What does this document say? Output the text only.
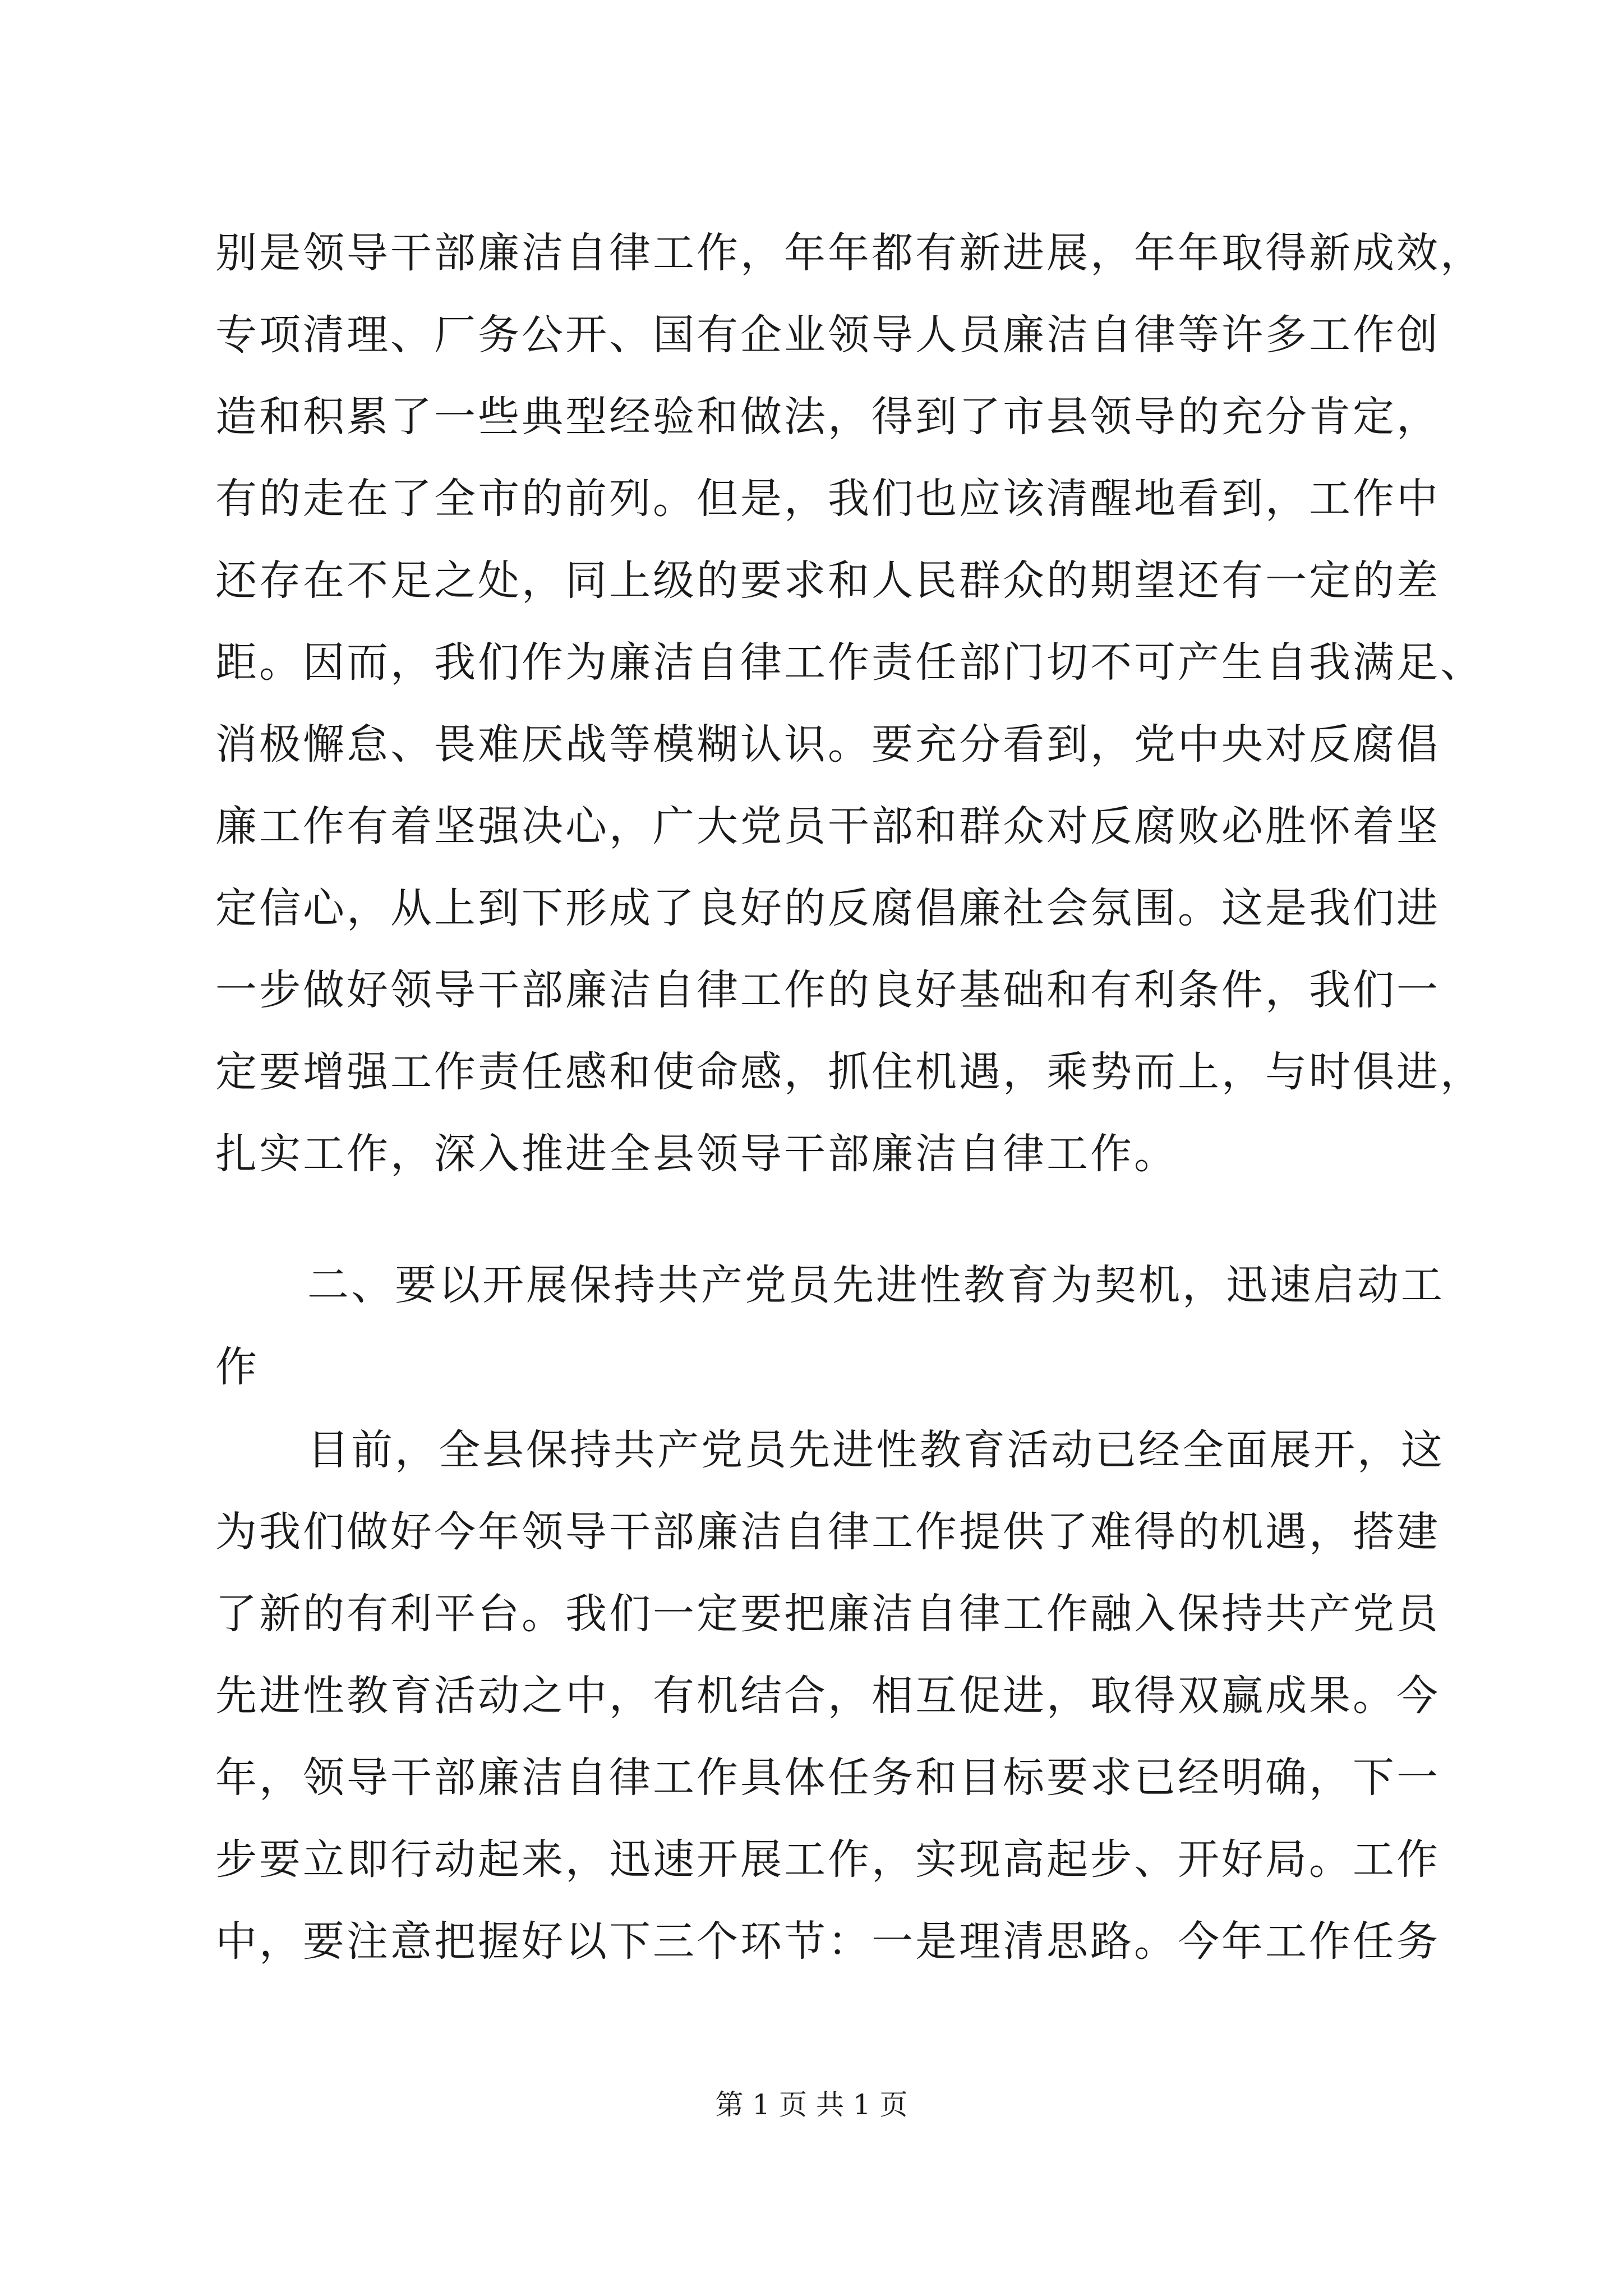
别是领导干部廉洁自律工作，年年都有新进展，年年取得新成效，
专项清理、厂务公开、国有企业领导人员廉洁自律等许多工作创
造和积累了一些典型经验和做法，得到了市县领导的充分肯定，
有的走在了全市的前列。但是，我们也应该清醒地看到，工作中
还存在不足之处，同上级的要求和人民群众的期望还有一定的差
距。因而，我们作为廉洁自律工作责任部门切不可产生自我满足、
消极懈怠、畏难厌战等模糊认识。要充分看到，党中央对反腐倡
廉工作有着坚强决心，广大党员干部和群众对反腐败必胜怀着坚
定信心，从上到下形成了良好的反腐倡廉社会氛围。这是我们进
一步做好领导干部廉洁自律工作的良好基础和有利条件，我们一
定要增强工作责任感和使命感，抓住机遇，乘势而上，与时俱进，
扎实工作，深入推进全县领导干部廉洁自律工作。
二、要以开展保持共产党员先进性教育为契机，迅速启动工
作
目前，全县保持共产党员先进性教育活动已经全面展开，这
为我们做好今年领导干部廉洁自律工作提供了难得的机遇，搭建
了新的有利平台。我们一定要把廉洁自律工作融入保持共产党员
先进性教育活动之中，有机结合，相互促进，取得双赢成果。今
年，领导干部廉洁自律工作具体任务和目标要求已经明确，下一
步要立即行动起来，迅速开展工作，实现高起步、开好局。工作
中，要注意把握好以下三个环节：一是理清思路。今年工作任务
第 1 页 共 1 页
